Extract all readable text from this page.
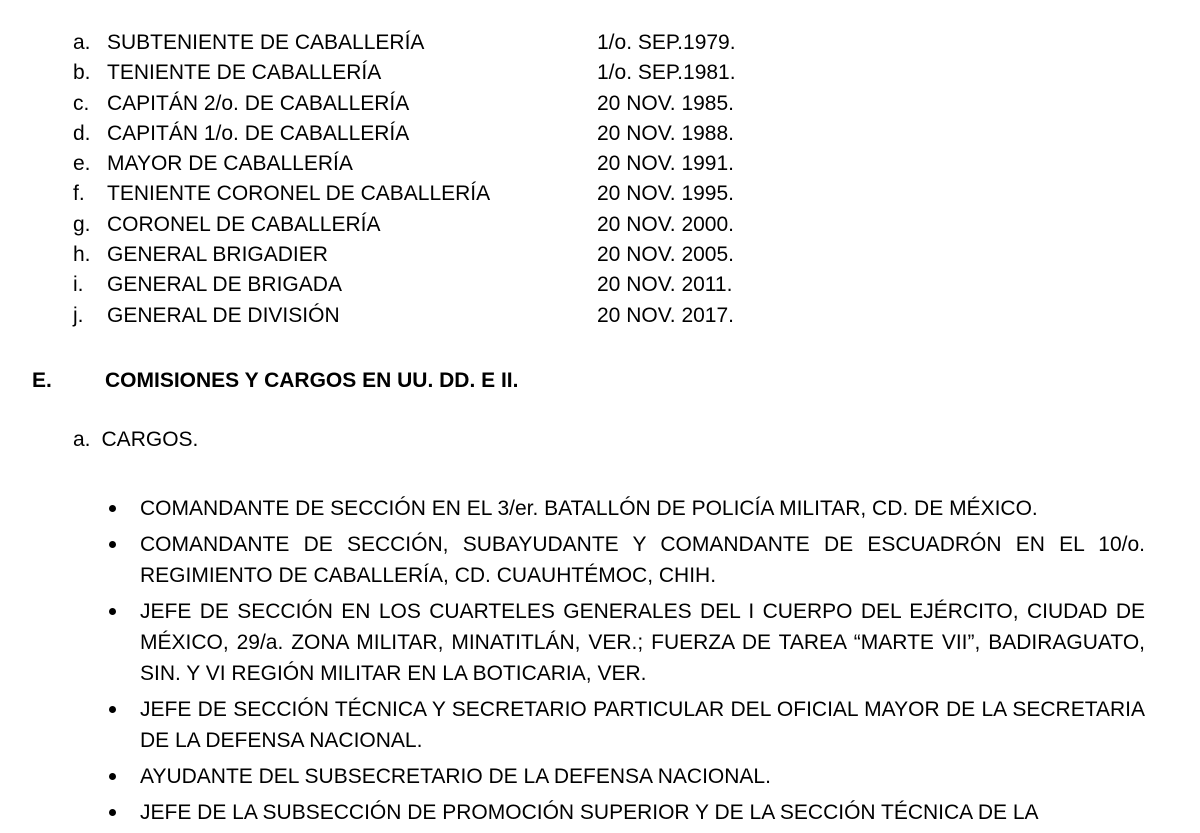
a. SUBTENIENTE DE CABALLERÍA	1/o. SEP.1979.
b. TENIENTE DE CABALLERÍA	1/o. SEP.1981.
c. CAPITÁN 2/o. DE CABALLERÍA	20 NOV. 1985.
d. CAPITÁN 1/o. DE CABALLERÍA	20 NOV. 1988.
e. MAYOR DE CABALLERÍA	20 NOV. 1991.
f. TENIENTE CORONEL DE CABALLERÍA	20 NOV. 1995.
g. CORONEL DE CABALLERÍA	20 NOV. 2000.
h. GENERAL BRIGADIER	20 NOV. 2005.
i. GENERAL DE BRIGADA	20 NOV. 2011.
j. GENERAL DE DIVISIÓN	20 NOV. 2017.
E.	COMISIONES Y CARGOS EN UU. DD. E II.
a. CARGOS.
COMANDANTE DE SECCIÓN EN EL 3/er. BATALLÓN DE POLICÍA MILITAR, CD. DE MÉXICO.
COMANDANTE DE SECCIÓN, SUBAYUDANTE Y COMANDANTE DE ESCUADRÓN EN EL 10/o. REGIMIENTO DE CABALLERÍA, CD. CUAUHTÉMOC, CHIH.
JEFE DE SECCIÓN EN LOS CUARTELES GENERALES DEL I CUERPO DEL EJÉRCITO, CIUDAD DE MÉXICO, 29/a. ZONA MILITAR, MINATITLÁN, VER.; FUERZA DE TAREA “MARTE VII”, BADIRAGUATO, SIN. Y VI REGIÓN MILITAR EN LA BOTICARIA, VER.
JEFE DE SECCIÓN TÉCNICA Y SECRETARIO PARTICULAR DEL OFICIAL MAYOR DE LA SECRETARIA DE LA DEFENSA NACIONAL.
AYUDANTE DEL SUBSECRETARIO DE LA DEFENSA NACIONAL.
JEFE DE LA SUBSECCIÓN DE PROMOCIÓN SUPERIOR Y DE LA SECCIÓN TÉCNICA DE LA
